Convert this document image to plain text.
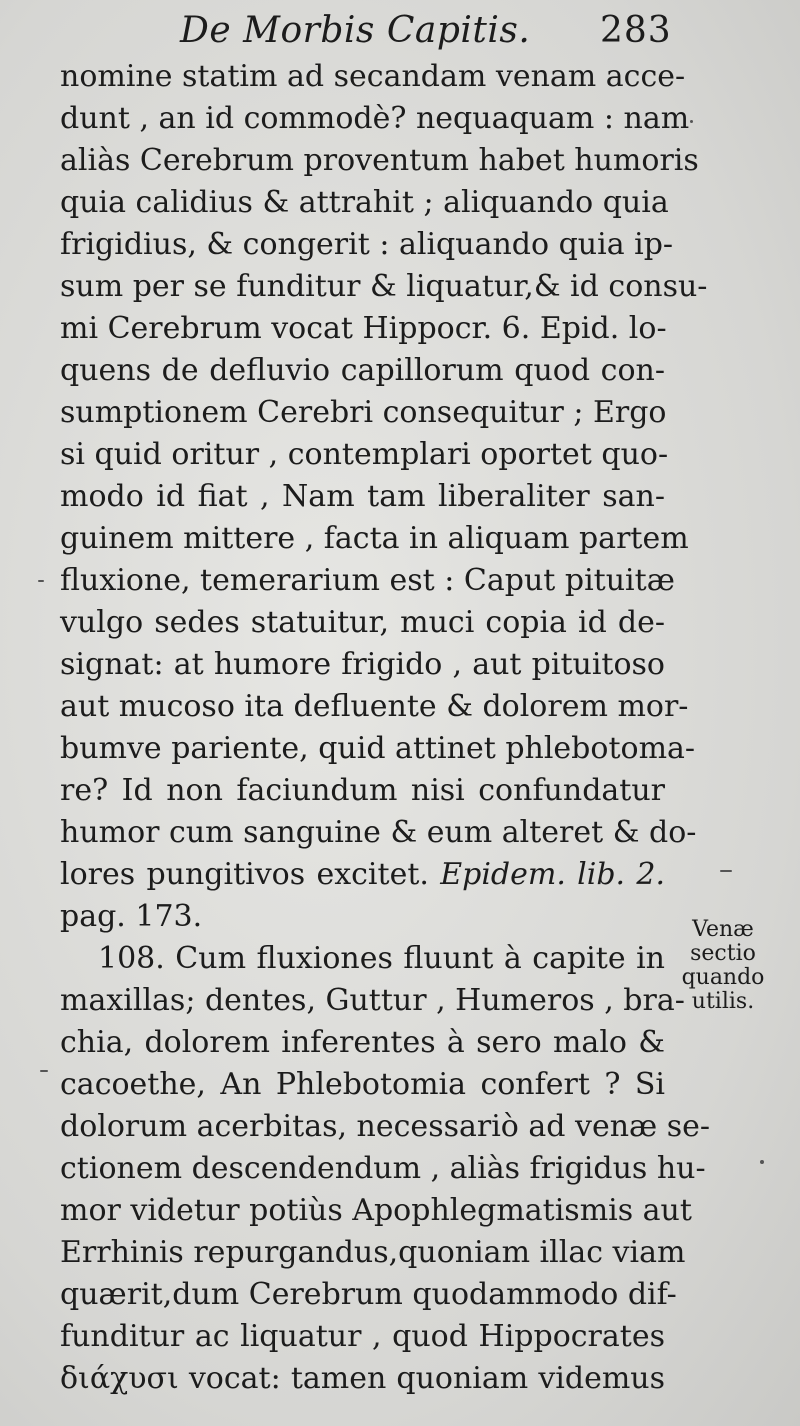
De Morbis Capitis. 283
nomine statim ad secandam venam acce-
dunt , an id commodè? nequaquam : nam
aliàs Cerebrum proventum habet humoris
quia calidius & attrahit ; aliquando quia
frigidius, & congerit : aliquando quia ip-
sum per se funditur & liquatur,& id consu-
mi Cerebrum vocat Hippocr. 6. Epid. lo-
quens de defluvio capillorum quod con-
sumptionem Cerebri consequitur ; Ergo
si quid oritur , contemplari oportet quo-
modo id fiat , Nam tam liberaliter san-
guinem mittere , facta in aliquam partem
fluxione, temerarium est : Caput pituitæ
vulgo sedes statuitur, muci copia id de-
signat: at humore frigido , aut pituitoso
aut mucoso ita defluente & dolorem mor-
bumve pariente, quid attinet phlebotoma-
re? Id non faciundum nisi confundatur
humor cum sanguine & eum alteret & do-
lores pungitivos excitet. Epidem. lib. 2.
pag. 173.
108. Cum fluxiones fluunt à capite in
maxillas; dentes, Guttur , Humeros , bra-
chia, dolorem inferentes à sero malo &
cacoethe, An Phlebotomia confert ? Si
dolorum acerbitas, necessariò ad venæ se-
ctionem descendendum , aliàs frigidus hu-
mor videtur potiùs Apophlegmatismis aut
Errhinis repurgandus,quoniam illac viam
quærit,dum Cerebrum quodammodo dif-
funditur ac liquatur , quod Hippocrates
διάχυσι vocat: tamen quoniam videmus
Venæ
sectio
quando
utilis.
